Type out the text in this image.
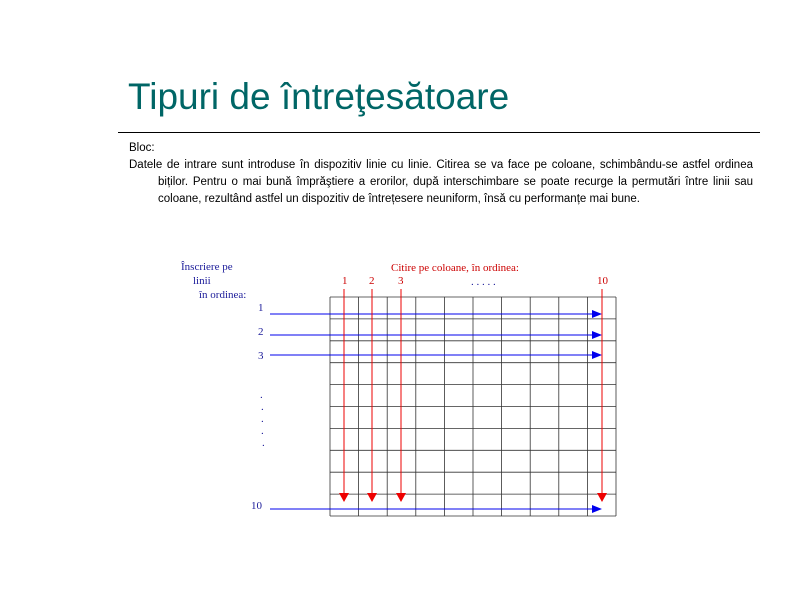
Tipuri de întreţesătoare

Bloc:

Datele de intrare sunt introduse în dispozitiv linie cu linie. Citirea se va face pe coloane, schimbându-se astfel ordinea biților. Pentru o mai bună împrăştiere a erorilor, după interschimbare se poate recurge la permutări între linii sau coloane, rezultând astfel un dispozitiv de întrețesere neuniform, însă cu performanțe mai bune.

Înscriere pe
linii
în ordinea:
Citire pe coloane, în ordinea:
. . . . .
1 2 3	10
1
2
3
10
.
.
.
.
.
